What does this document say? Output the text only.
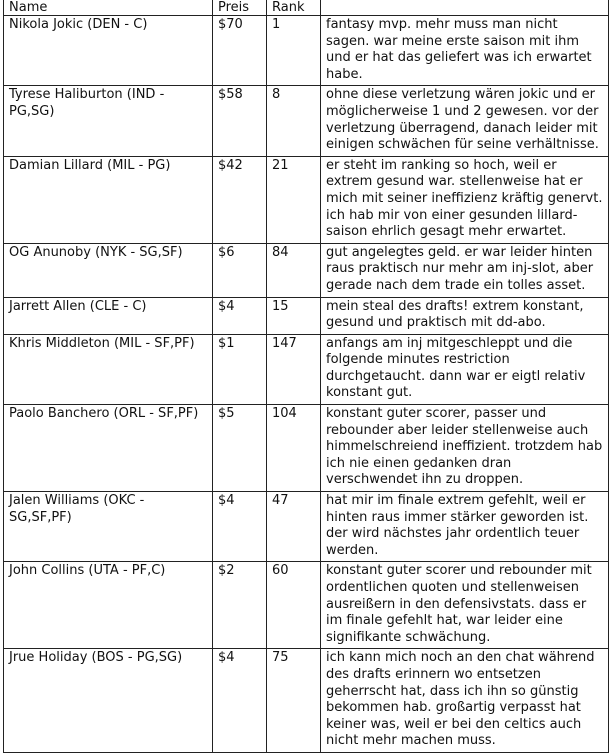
Name	Preis	Rank	
Nikola Jokic (DEN - C)	$70	1	fantasy mvp. mehr muss man nicht sagen. war meine erste saison mit ihm und er hat das geliefert was ich erwartet habe.
Tyrese Haliburton (IND - PG,SG)	$58	8	ohne diese verletzung wären jokic und er möglicherweise 1 und 2 gewesen. vor der verletzung überragend, danach leider mit einigen schwächen für seine verhältnisse.
Damian Lillard (MIL - PG)	$42	21	er steht im ranking so hoch, weil er extrem gesund war. stellenweise hat er mich mit seiner ineffizienz kräftig genervt. ich hab mir von einer gesunden lillard-saison ehrlich gesagt mehr erwartet.
OG Anunoby (NYK - SG,SF)	$6	84	gut angelegtes geld. er war leider hinten raus praktisch nur mehr am inj-slot, aber gerade nach dem trade ein tolles asset.
Jarrett Allen (CLE - C)	$4	15	mein steal des drafts! extrem konstant, gesund und praktisch mit dd-abo.
Khris Middleton (MIL - SF,PF)	$1	147	anfangs am inj mitgeschleppt und die folgende minutes restriction durchgetaucht. dann war er eigtl relativ konstant gut.
Paolo Banchero (ORL - SF,PF)	$5	104	konstant guter scorer, passer und rebounder aber leider stellenweise auch himmelschreiend ineffizient. trotzdem hab ich nie einen gedanken dran verschwendet ihn zu droppen.
Jalen Williams (OKC - SG,SF,PF)	$4	47	hat mir im finale extrem gefehlt, weil er hinten raus immer stärker geworden ist. der wird nächstes jahr ordentlich teuer werden.
John Collins (UTA - PF,C)	$2	60	konstant guter scorer und rebounder mit ordentlichen quoten und stellenweisen ausreißern in den defensivstats. dass er im finale gefehlt hat, war leider eine signifikante schwächung.
Jrue Holiday (BOS - PG,SG)	$4	75	ich kann mich noch an den chat während des drafts erinnern wo entsetzen geherrscht hat, dass ich ihn so günstig bekommen hab. großartig verpasst hat keiner was, weil er bei den celtics auch nicht mehr machen muss.
